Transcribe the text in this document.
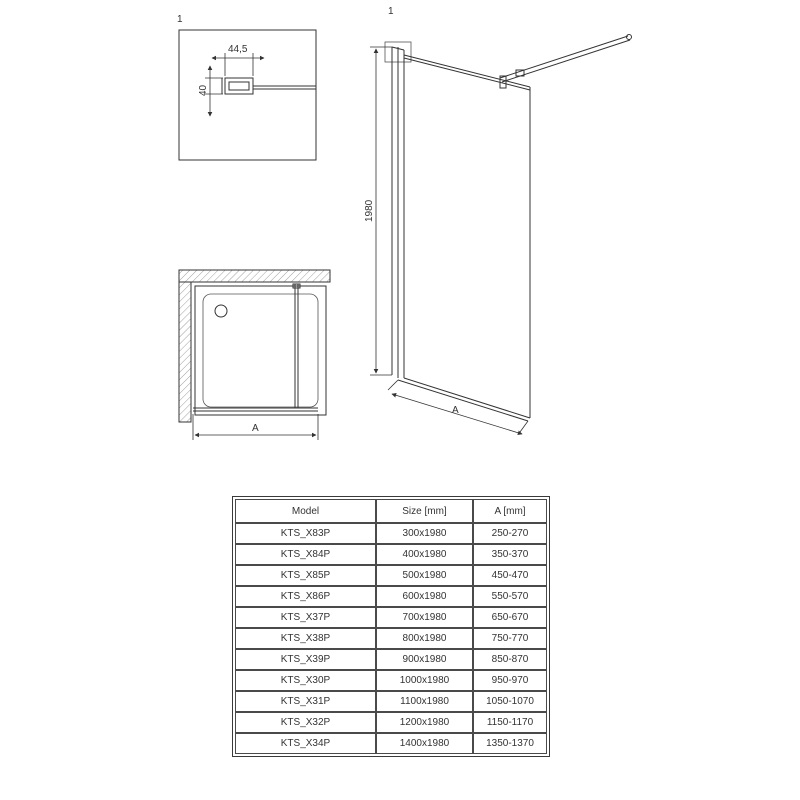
1
44,5
40
1
1980
A
A
Model	Size [mm]	A [mm]
KTS_X83P	300x1980	250-270
KTS_X84P	400x1980	350-370
KTS_X85P	500x1980	450-470
KTS_X86P	600x1980	550-570
KTS_X37P	700x1980	650-670
KTS_X38P	800x1980	750-770
KTS_X39P	900x1980	850-870
KTS_X30P	1000x1980	950-970
KTS_X31P	1100x1980	1050-1070
KTS_X32P	1200x1980	1150-1170
KTS_X34P	1400x1980	1350-1370
